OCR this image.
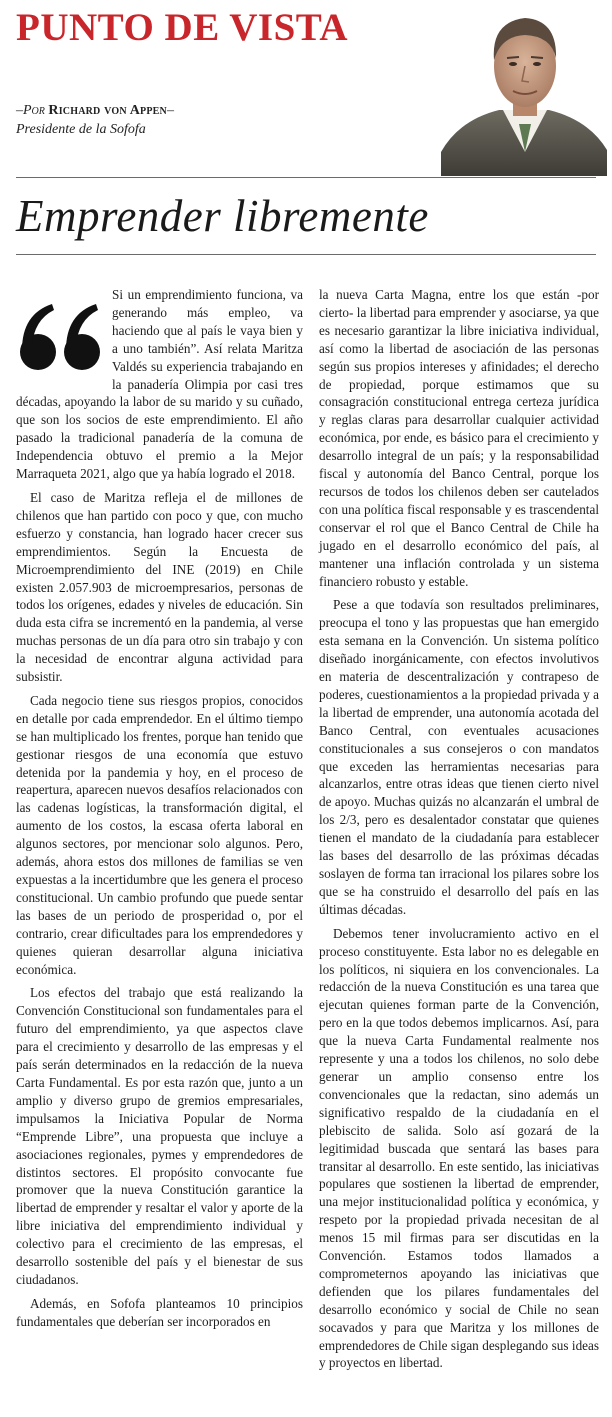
PUNTO DE VISTA
–Por Richard von Appen–
Presidente de la Sofofa
Emprender libremente

Si un emprendimiento funciona, va generando más empleo, va haciendo que al país le vaya bien y a uno también”. Así relata Maritza Valdés su experiencia trabajando en la panadería Olimpia por casi tres décadas, apoyando la labor de su marido y su cuñado, que son los socios de este emprendimiento. El año pasado la tradicional panadería de la comuna de Independencia obtuvo el premio a la Mejor Marraqueta 2021, algo que ya había logrado el 2018.

El caso de Maritza refleja el de millones de chilenos que han partido con poco y que, con mucho esfuerzo y constancia, han logrado hacer crecer sus emprendimientos. Según la Encuesta de Microemprendimiento del INE (2019) en Chile existen 2.057.903 de microempresarios, personas de todos los orígenes, edades y niveles de educación. Sin duda esta cifra se incrementó en la pandemia, al verse muchas personas de un día para otro sin trabajo y con la necesidad de encontrar alguna actividad para subsistir.

Cada negocio tiene sus riesgos propios, conocidos en detalle por cada emprendedor. En el último tiempo se han multiplicado los frentes, porque han tenido que gestionar riesgos de una economía que estuvo detenida por la pandemia y hoy, en el proceso de reapertura, aparecen nuevos desafíos relacionados con las cadenas logísticas, la transformación digital, el aumento de los costos, la escasa oferta laboral en algunos sectores, por mencionar solo algunos. Pero, además, ahora estos dos millones de familias se ven expuestas a la incertidumbre que les genera el proceso constitucional. Un cambio profundo que puede sentar las bases de un periodo de prosperidad o, por el contrario, crear dificultades para los emprendedores y quienes quieran desarrollar alguna iniciativa económica.

Los efectos del trabajo que está realizando la Convención Constitucional son fundamentales para el futuro del emprendimiento, ya que aspectos clave para el crecimiento y desarrollo de las empresas y el país serán determinados en la redacción de la nueva Carta Fundamental. Es por esta razón que, junto a un amplio y diverso grupo de gremios empresariales, impulsamos la Iniciativa Popular de Norma “Emprende Libre”, una propuesta que incluye a asociaciones regionales, pymes y emprendedores de distintos sectores. El propósito convocante fue promover que la nueva Constitución garantice la libertad de emprender y resaltar el valor y aporte de la libre iniciativa del emprendimiento individual y colectivo para el crecimiento de las empresas, el desarrollo sostenible del país y el bienestar de sus ciudadanos.

Además, en Sofofa planteamos 10 principios fundamentales que deberían ser incorporados en

la nueva Carta Magna, entre los que están -por cierto- la libertad para emprender y asociarse, ya que es necesario garantizar la libre iniciativa individual, así como la libertad de asociación de las personas según sus propios intereses y afinidades; el derecho de propiedad, porque estimamos que su consagración constitucional entrega certeza jurídica y reglas claras para desarrollar cualquier actividad económica, por ende, es básico para el crecimiento y desarrollo integral de un país; y la responsabilidad fiscal y autonomía del Banco Central, porque los recursos de todos los chilenos deben ser cautelados con una política fiscal responsable y es trascendental conservar el rol que el Banco Central de Chile ha jugado en el desarrollo económico del país, al mantener una inflación controlada y un sistema financiero robusto y estable.

Pese a que todavía son resultados preliminares, preocupa el tono y las propuestas que han emergido esta semana en la Convención. Un sistema político diseñado inorgánicamente, con efectos involutivos en materia de descentralización y contrapeso de poderes, cuestionamientos a la propiedad privada y a la libertad de emprender, una autonomía acotada del Banco Central, con eventuales acusaciones constitucionales a sus consejeros o con mandatos que exceden las herramientas necesarias para alcanzarlos, entre otras ideas que tienen cierto nivel de apoyo. Muchas quizás no alcanzarán el umbral de los 2/3, pero es desalentador constatar que quienes tienen el mandato de la ciudadanía para establecer las bases del desarrollo de las próximas décadas soslayen de forma tan irracional los pilares sobre los que se ha construido el desarrollo del país en las últimas décadas.

Debemos tener involucramiento activo en el proceso constituyente. Esta labor no es delegable en los políticos, ni siquiera en los convencionales. La redacción de la nueva Constitución es una tarea que ejecutan quienes forman parte de la Convención, pero en la que todos debemos implicarnos. Así, para que la nueva Carta Fundamental realmente nos represente y una a todos los chilenos, no solo debe generar un amplio consenso entre los convencionales que la redactan, sino además un significativo respaldo de la ciudadanía en el plebiscito de salida. Solo así gozará de la legitimidad buscada que sentará las bases para transitar al desarrollo. En este sentido, las iniciativas populares que sostienen la libertad de emprender, una mejor institucionalidad política y económica, y respeto por la propiedad privada necesitan de al menos 15 mil firmas para ser discutidas en la Convención. Estamos todos llamados a comprometernos apoyando las iniciativas que defienden que los pilares fundamentales del desarrollo económico y social de Chile no sean socavados y para que Maritza y los millones de emprendedores de Chile sigan desplegando sus ideas y proyectos en libertad.
